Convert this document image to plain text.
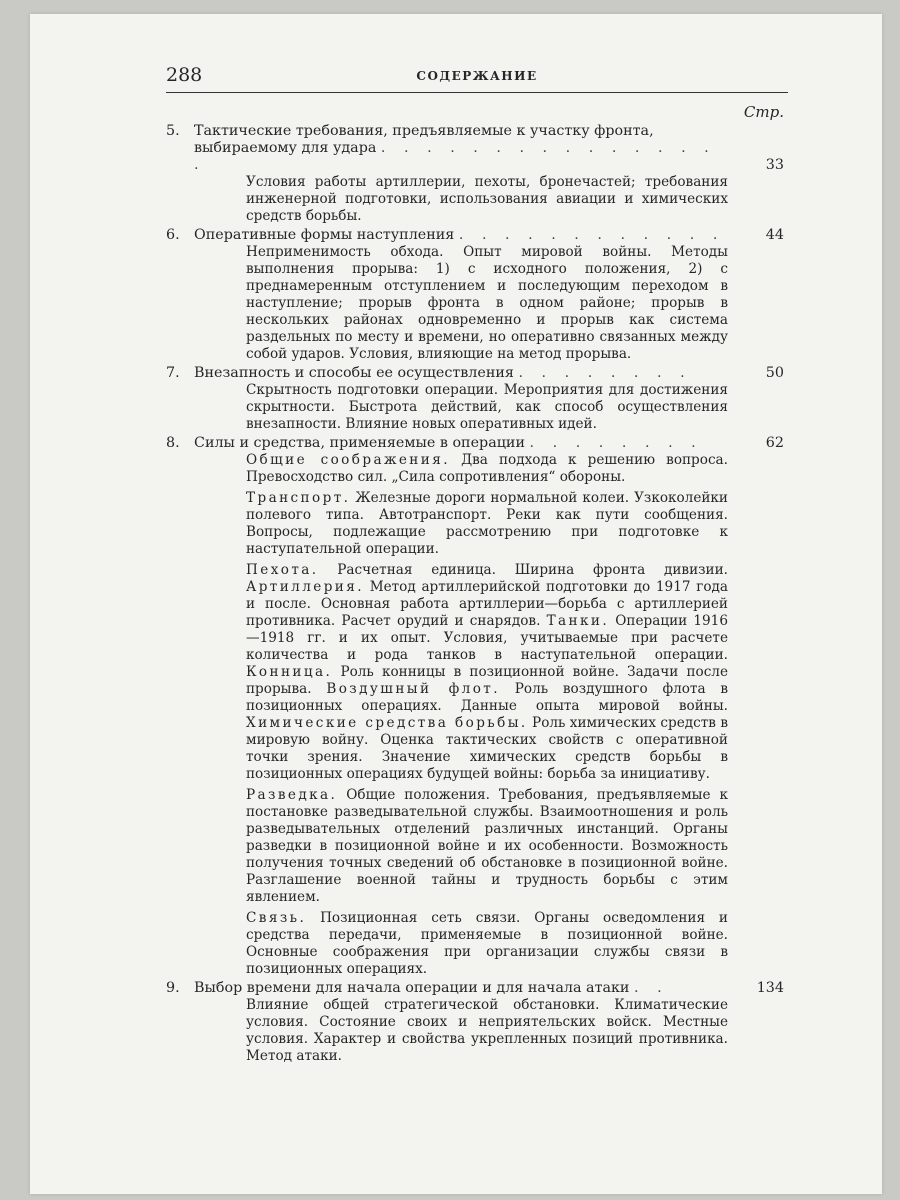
288	СОДЕРЖАНИЕ
Стр.
5. Тактические требования, предъявляемые к участку фронта,
выбираемому для удара . . . . . . . . . . . . . . . .	33

Условия работы артиллерии, пехоты, бронечастей; требования инженерной подготовки, использования авиации и химических средств борьбы.

6. Оперативные формы наступления . . . . . . . . . . . .	44

Неприменимость обхода. Опыт мировой войны. Методы выполнения прорыва: 1) с исходного положения, 2) с преднамеренным отступлением и последующим переходом в наступление; прорыв фронта в одном районе; прорыв в нескольких районах одновременно и прорыв как система раздельных по месту и времени, но оперативно связанных между собой ударов. Условия, влияющие на метод прорыва.

7. Внезапность и способы ее осуществления . . . . . . . .	50

Скрытность подготовки операции. Мероприятия для достижения скрытности. Быстрота действий, как способ осуществления внезапности. Влияние новых оперативных идей.

8. Силы и средства, применяемые в операции . . . . . . . .	62

Общие соображения. Два подхода к решению вопроса. Превосходство сил. „Сила сопротивления“ обороны.

Транспорт. Железные дороги нормальной колеи. Узкоколейки полевого типа. Автотранспорт. Реки как пути сообщения. Вопросы, подлежащие рассмотрению при подготовке к наступательной операции.

Пехота. Расчетная единица. Ширина фронта дивизии. Артиллерия. Метод артиллерийской подготовки до 1917 года и после. Основная работа артиллерии—борьба с артиллерией противника. Расчет орудий и снарядов. Танки. Операции 1916—1918 гг. и их опыт. Условия, учитываемые при расчете количества и рода танков в наступательной операции. Конница. Роль конницы в позиционной войне. Задачи после прорыва. Воздушный флот. Роль воздушного флота в позиционных операциях. Данные опыта мировой войны. Химические средства борьбы. Роль химических средств в мировую войну. Оценка тактических свойств с оперативной точки зрения. Значение химических средств борьбы в позиционных операциях будущей войны: борьба за инициативу.

Разведка. Общие положения. Требования, предъявляемые к постановке разведывательной службы. Взаимоотношения и роль разведывательных отделений различных инстанций. Органы разведки в позиционной войне и их особенности. Возможность получения точных сведений об обстановке в позиционной войне. Разглашение военной тайны и трудность борьбы с этим явлением.

Связь. Позиционная сеть связи. Органы осведомления и средства передачи, применяемые в позиционной войне. Основные соображения при организации службы связи в позиционных операциях.

9. Выбор времени для начала операции и для начала атаки . .	134

Влияние общей стратегической обстановки. Климатические условия. Состояние своих и неприятельских войск. Местные условия. Характер и свойства укрепленных позиций противника. Метод атаки.
